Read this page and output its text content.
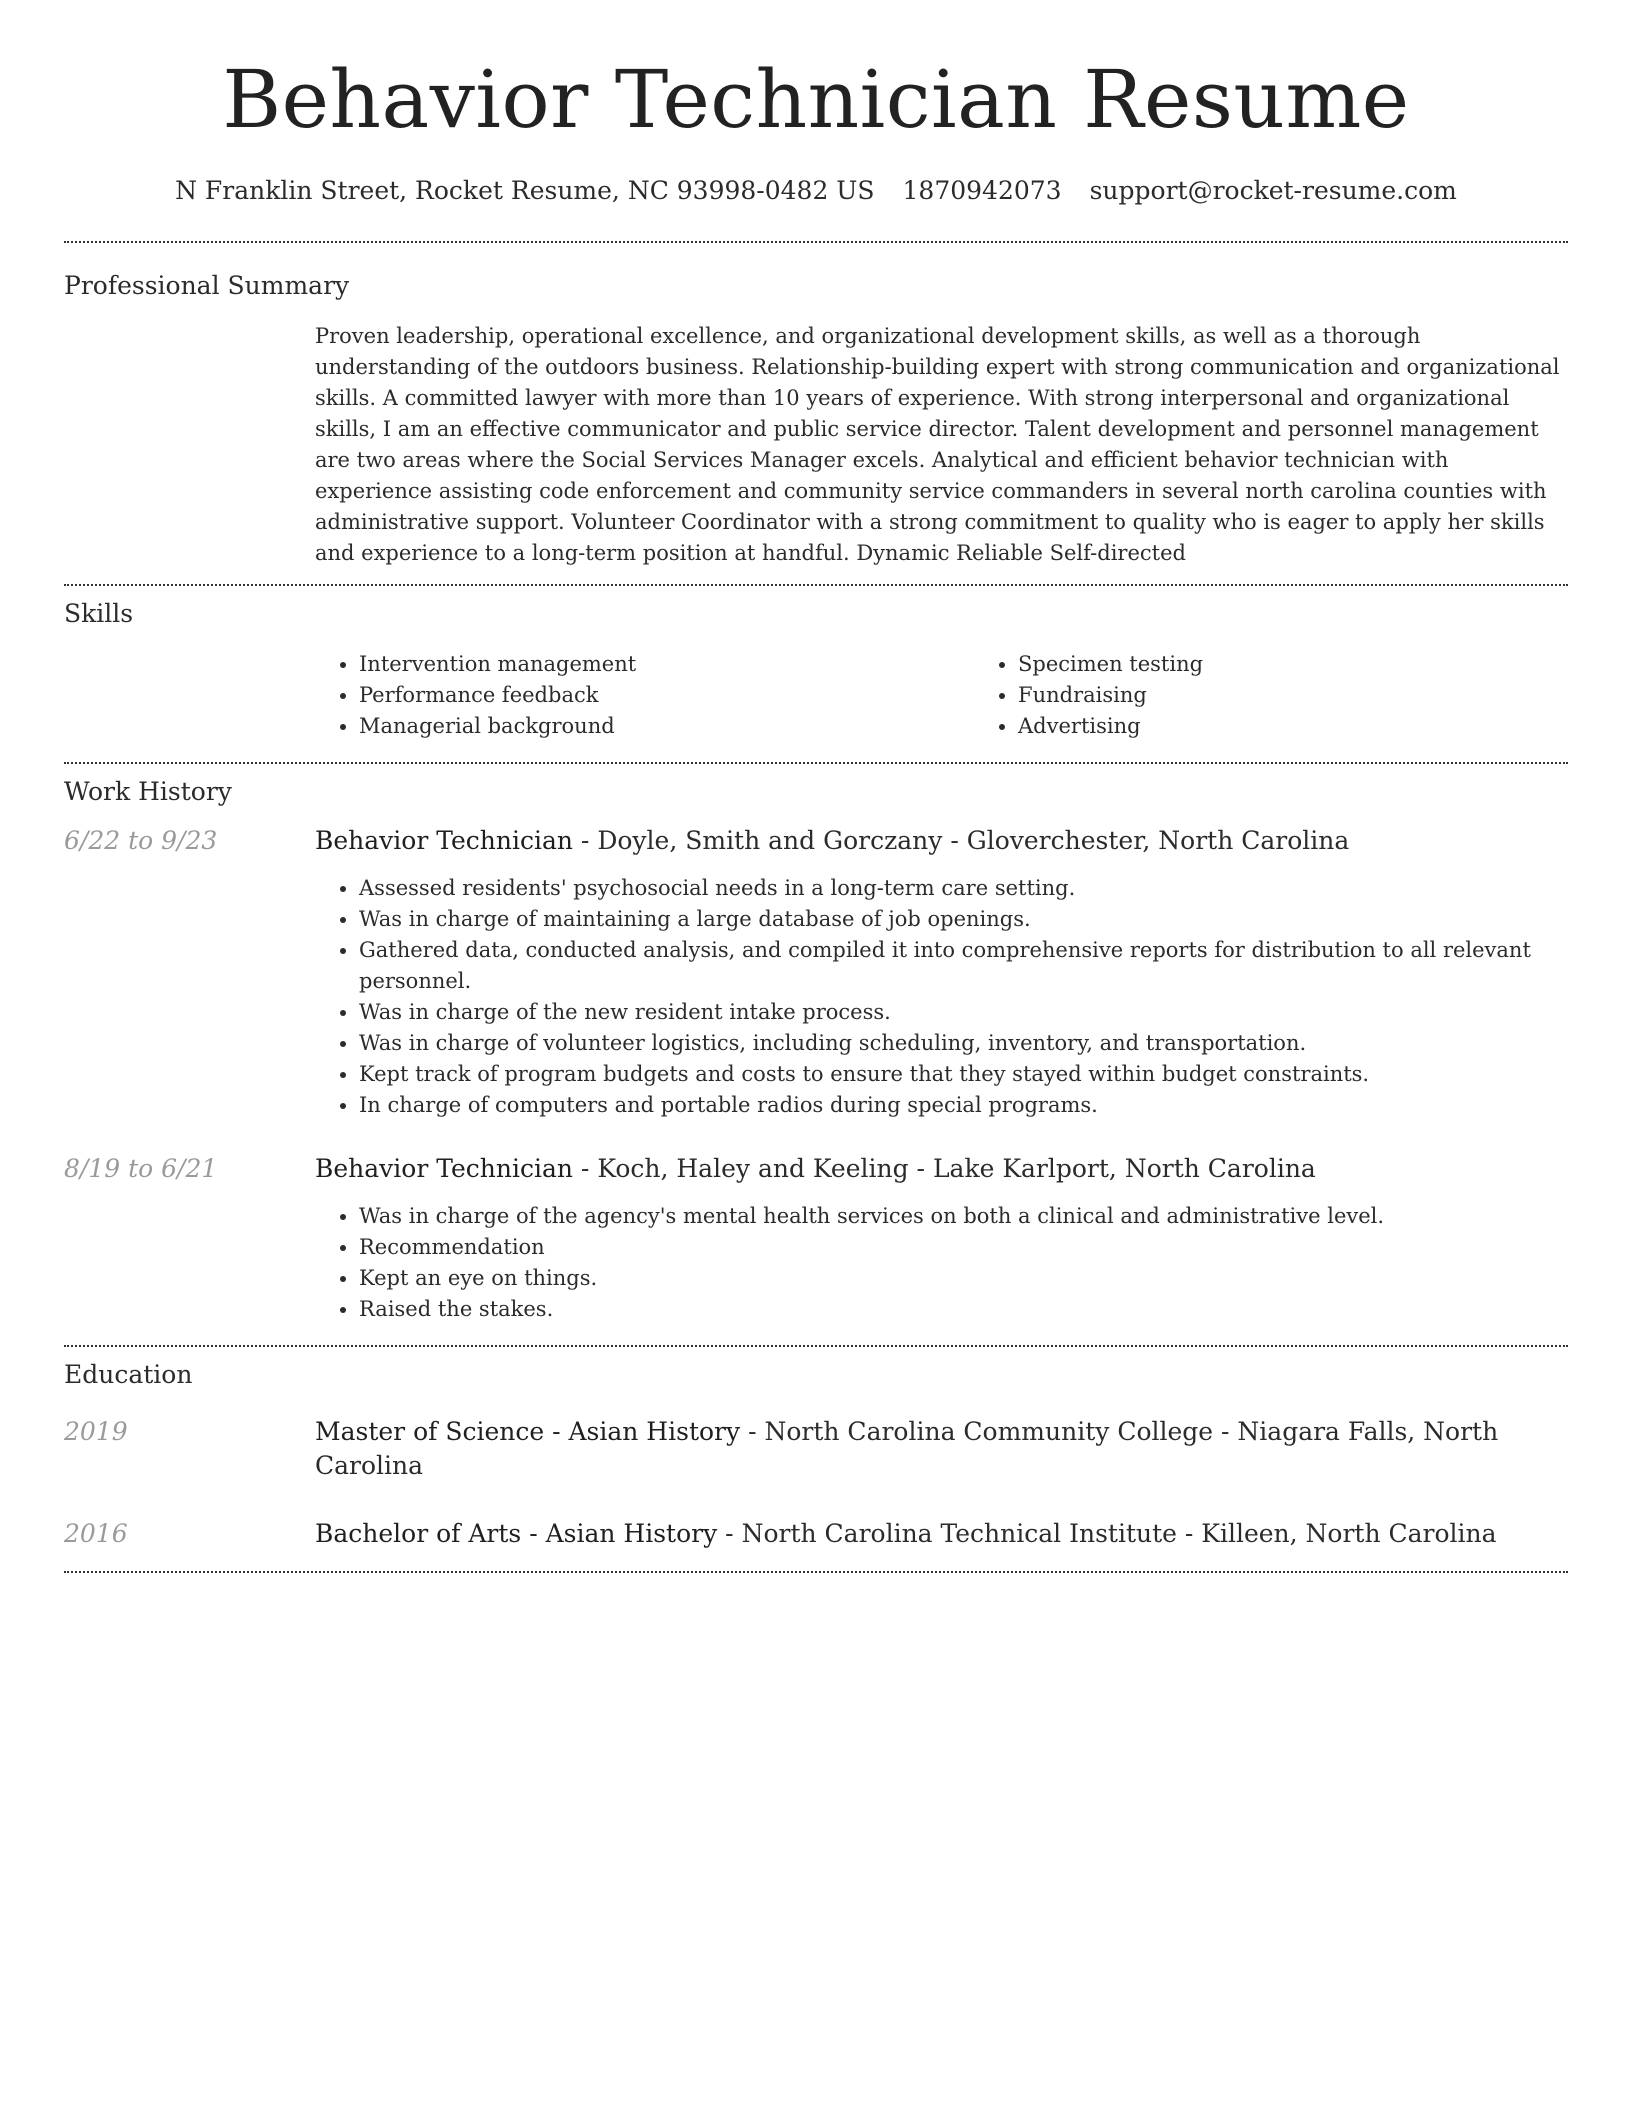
Behavior Technician Resume
N Franklin Street, Rocket Resume, NC 93998-0482 US 1870942073 support@rocket-resume.com
Professional Summary

Proven leadership, operational excellence, and organizational development skills, as well as a thorough understanding of the outdoors business. Relationship-building expert with strong communication and organizational skills. A committed lawyer with more than 10 years of experience. With strong interpersonal and organizational skills, I am an effective communicator and public service director. Talent development and personnel management are two areas where the Social Services Manager excels. Analytical and efficient behavior technician with experience assisting code enforcement and community service commanders in several north carolina counties with administrative support. Volunteer Coordinator with a strong commitment to quality who is eager to apply her skills and experience to a long-term position at handful. Dynamic Reliable Self-directed

Skills
• Intervention management
• Performance feedback
• Managerial background
• Specimen testing
• Fundraising
• Advertising
Work History
6/22 to 9/23	Behavior Technician - Doyle, Smith and Gorczany - Gloverchester, North Carolina
• Assessed residents' psychosocial needs in a long-term care setting.
• Was in charge of maintaining a large database of job openings.
• Gathered data, conducted analysis, and compiled it into comprehensive reports for distribution to all relevant personnel.
• Was in charge of the new resident intake process.
• Was in charge of volunteer logistics, including scheduling, inventory, and transportation.
• Kept track of program budgets and costs to ensure that they stayed within budget constraints.
• In charge of computers and portable radios during special programs.
8/19 to 6/21	Behavior Technician - Koch, Haley and Keeling - Lake Karlport, North Carolina
• Was in charge of the agency's mental health services on both a clinical and administrative level.
• Recommendation
• Kept an eye on things.
• Raised the stakes.
Education
2019	Master of Science - Asian History - North Carolina Community College - Niagara Falls, North Carolina
2016	Bachelor of Arts - Asian History - North Carolina Technical Institute - Killeen, North Carolina
